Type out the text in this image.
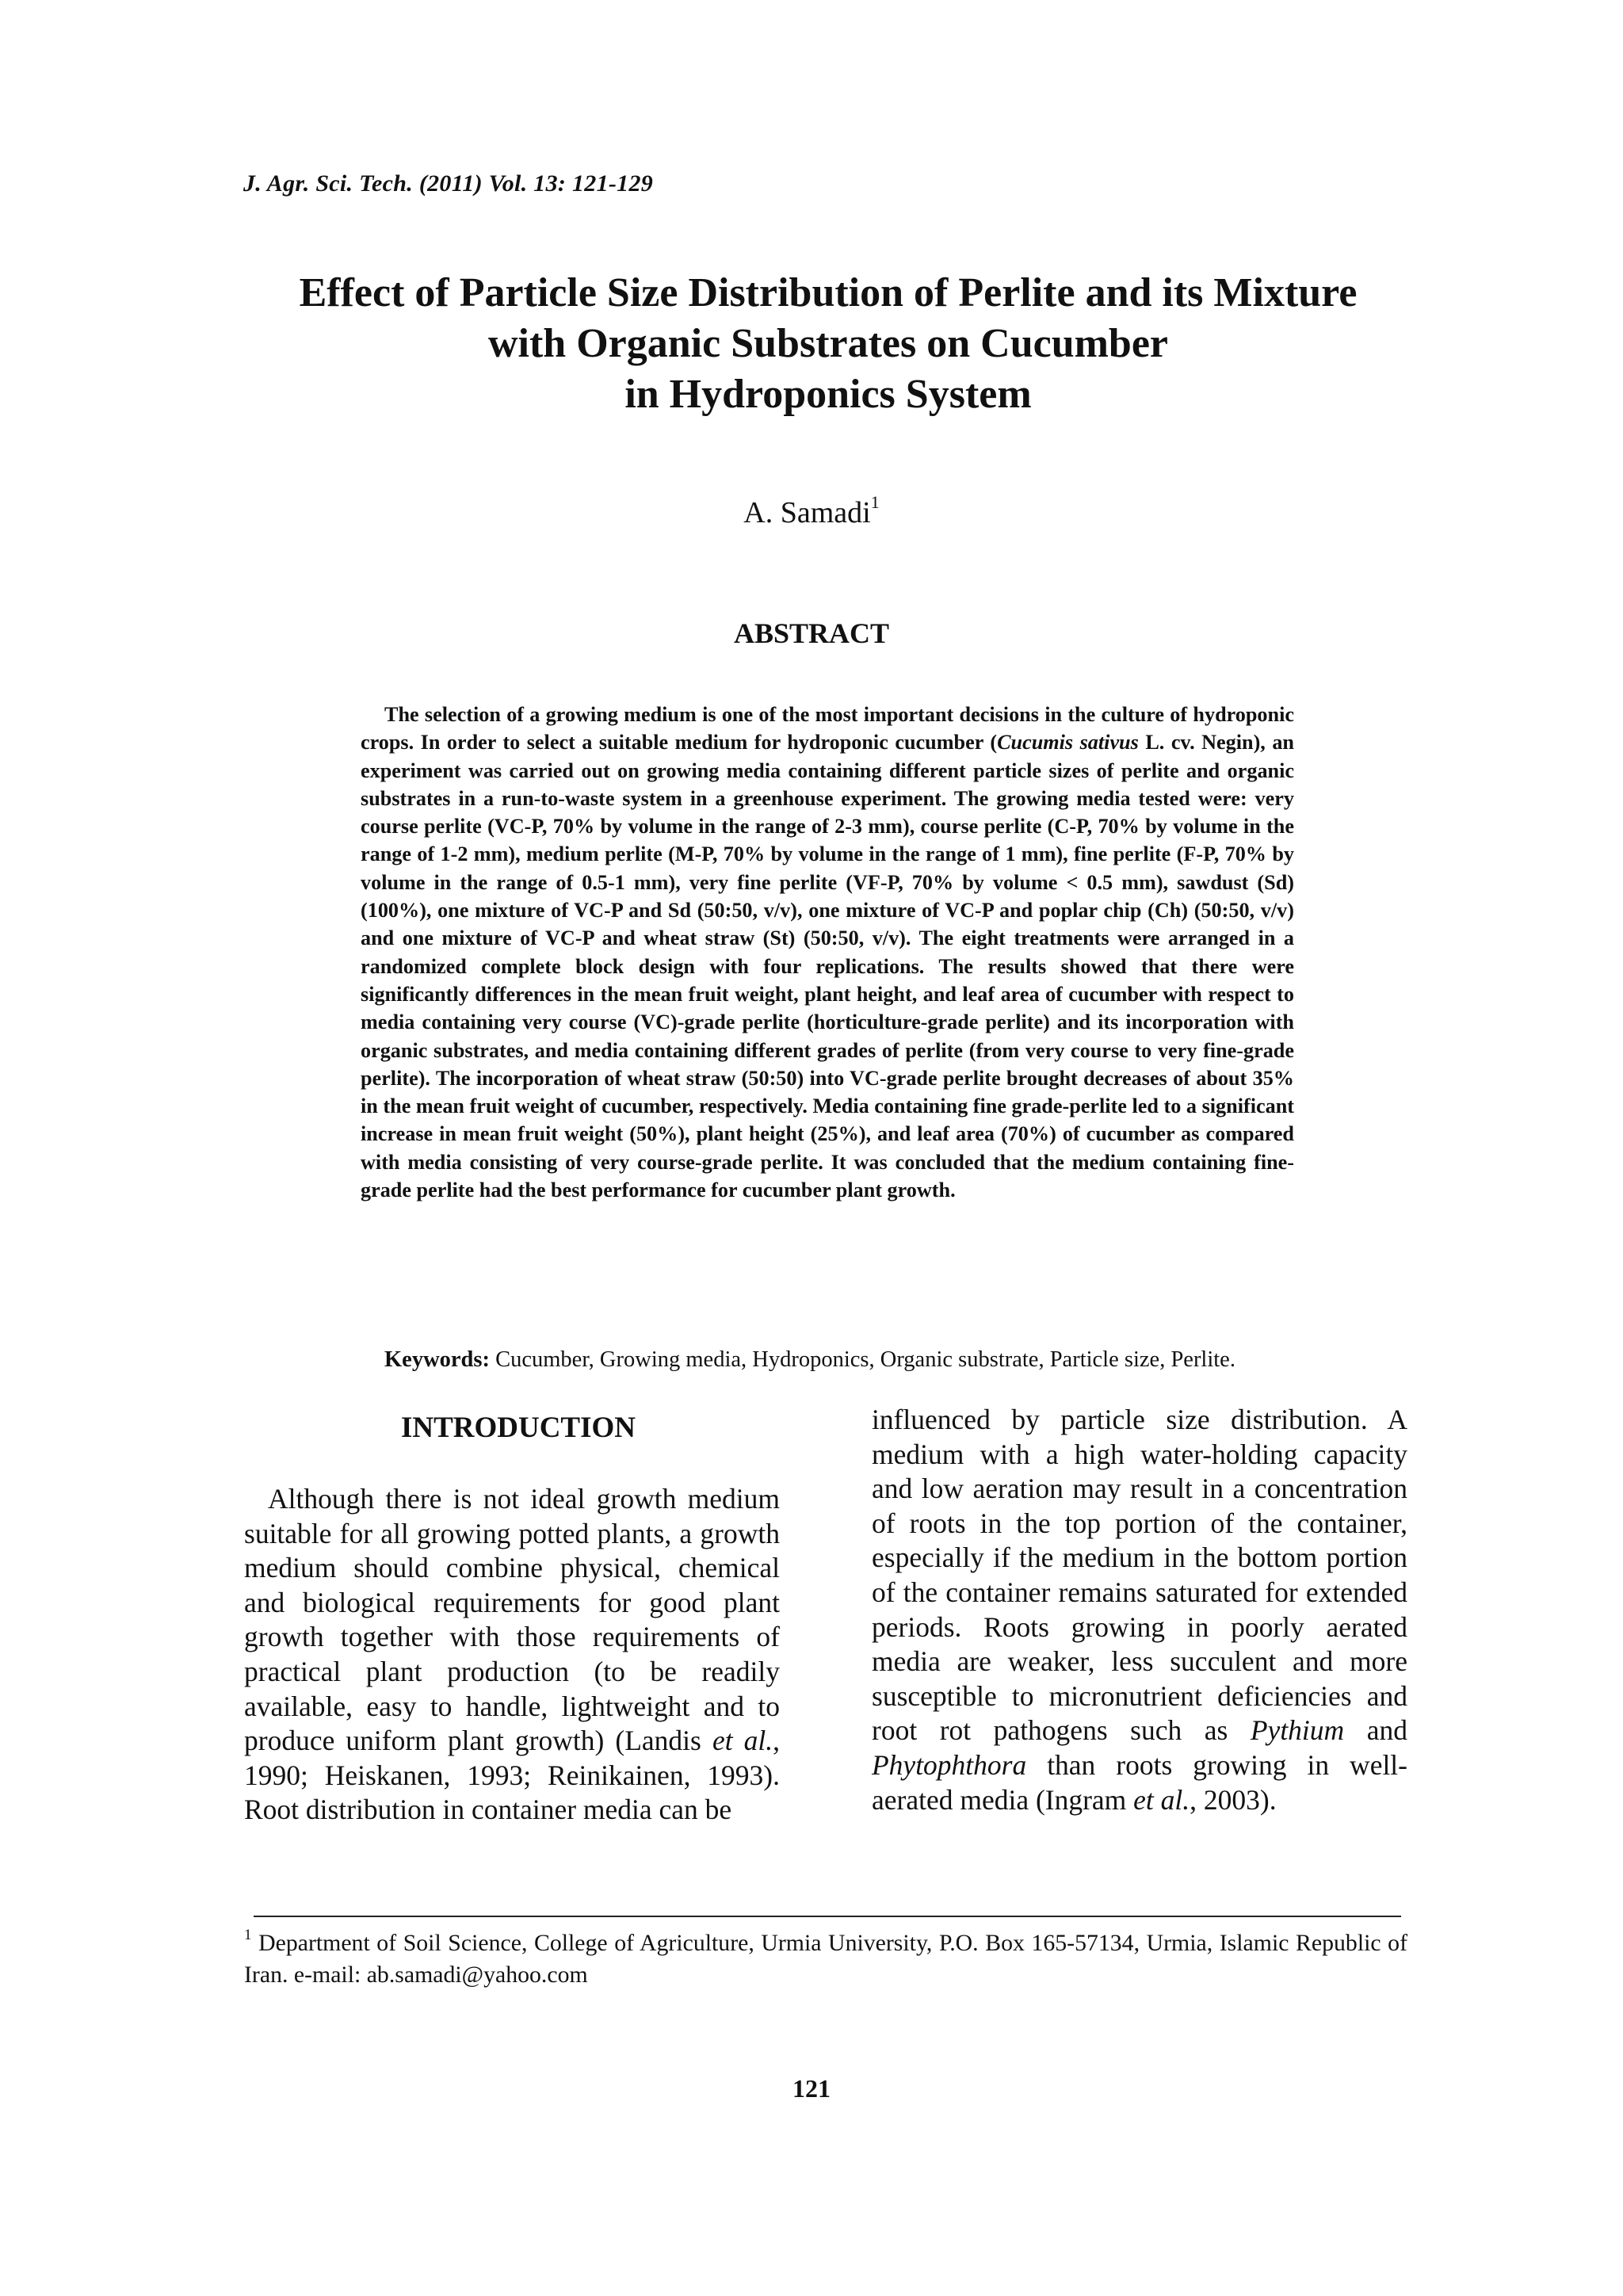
J. Agr. Sci. Tech. (2011) Vol. 13: 121-129
Effect of Particle Size Distribution of Perlite and its Mixture
with Organic Substrates on Cucumber
in Hydroponics System
A. Samadi$^1$
ABSTRACT

The selection of a growing medium is one of the most important decisions in the culture of hydroponic crops. In order to select a suitable medium for hydroponic cucumber (Cucumis sativus L. cv. Negin), an experiment was carried out on growing media containing different particle sizes of perlite and organic substrates in a run-to-waste system in a greenhouse experiment. The growing media tested were: very course perlite (VC-P, 70% by volume in the range of 2-3 mm), course perlite (C-P, 70% by volume in the range of 1-2 mm), medium perlite (M-P, 70% by volume in the range of 1 mm), fine perlite (F-P, 70% by volume in the range of 0.5-1 mm), very fine perlite (VF-P, 70% by volume < 0.5 mm), sawdust (Sd) (100%), one mixture of VC-P and Sd (50:50, v/v), one mixture of VC-P and poplar chip (Ch) (50:50, v/v) and one mixture of VC-P and wheat straw (St) (50:50, v/v). The eight treatments were arranged in a randomized complete block design with four replications. The results showed that there were significantly differences in the mean fruit weight, plant height, and leaf area of cucumber with respect to media containing very course (VC)-grade perlite (horticulture-grade perlite) and its incorporation with organic substrates, and media containing different grades of perlite (from very course to very fine-grade perlite). The incorporation of wheat straw (50:50) into VC-grade perlite brought decreases of about 35% in the mean fruit weight of cucumber, respectively. Media containing fine grade-perlite led to a significant increase in mean fruit weight (50%), plant height (25%), and leaf area (70%) of cucumber as compared with media consisting of very course-grade perlite. It was concluded that the medium containing fine-grade perlite had the best performance for cucumber plant growth.

Keywords: Cucumber, Growing media, Hydroponics, Organic substrate, Particle size, Perlite.
INTRODUCTION

Although there is not ideal growth medium suitable for all growing potted plants, a growth medium should combine physical, chemical and biological requirements for good plant growth together with those requirements of practical plant production (to be readily available, easy to handle, lightweight and to produce uniform plant growth) (Landis et al., 1990; Heiskanen, 1993; Reinikainen, 1993). Root distribution in container media can be

influenced by particle size distribution. A medium with a high water-holding capacity and low aeration may result in a concentration of roots in the top portion of the container, especially if the medium in the bottom portion of the container remains saturated for extended periods. Roots growing in poorly aerated media are weaker, less succulent and more susceptible to micronutrient deficiencies and root rot pathogens such as Pythium and Phytophthora than roots growing in well-aerated media (Ingram et al., 2003).

$^1$ Department of Soil Science, College of Agriculture, Urmia University, P.O. Box 165-57134, Urmia, Islamic Republic of Iran. e-mail: ab.samadi@yahoo.com

121
